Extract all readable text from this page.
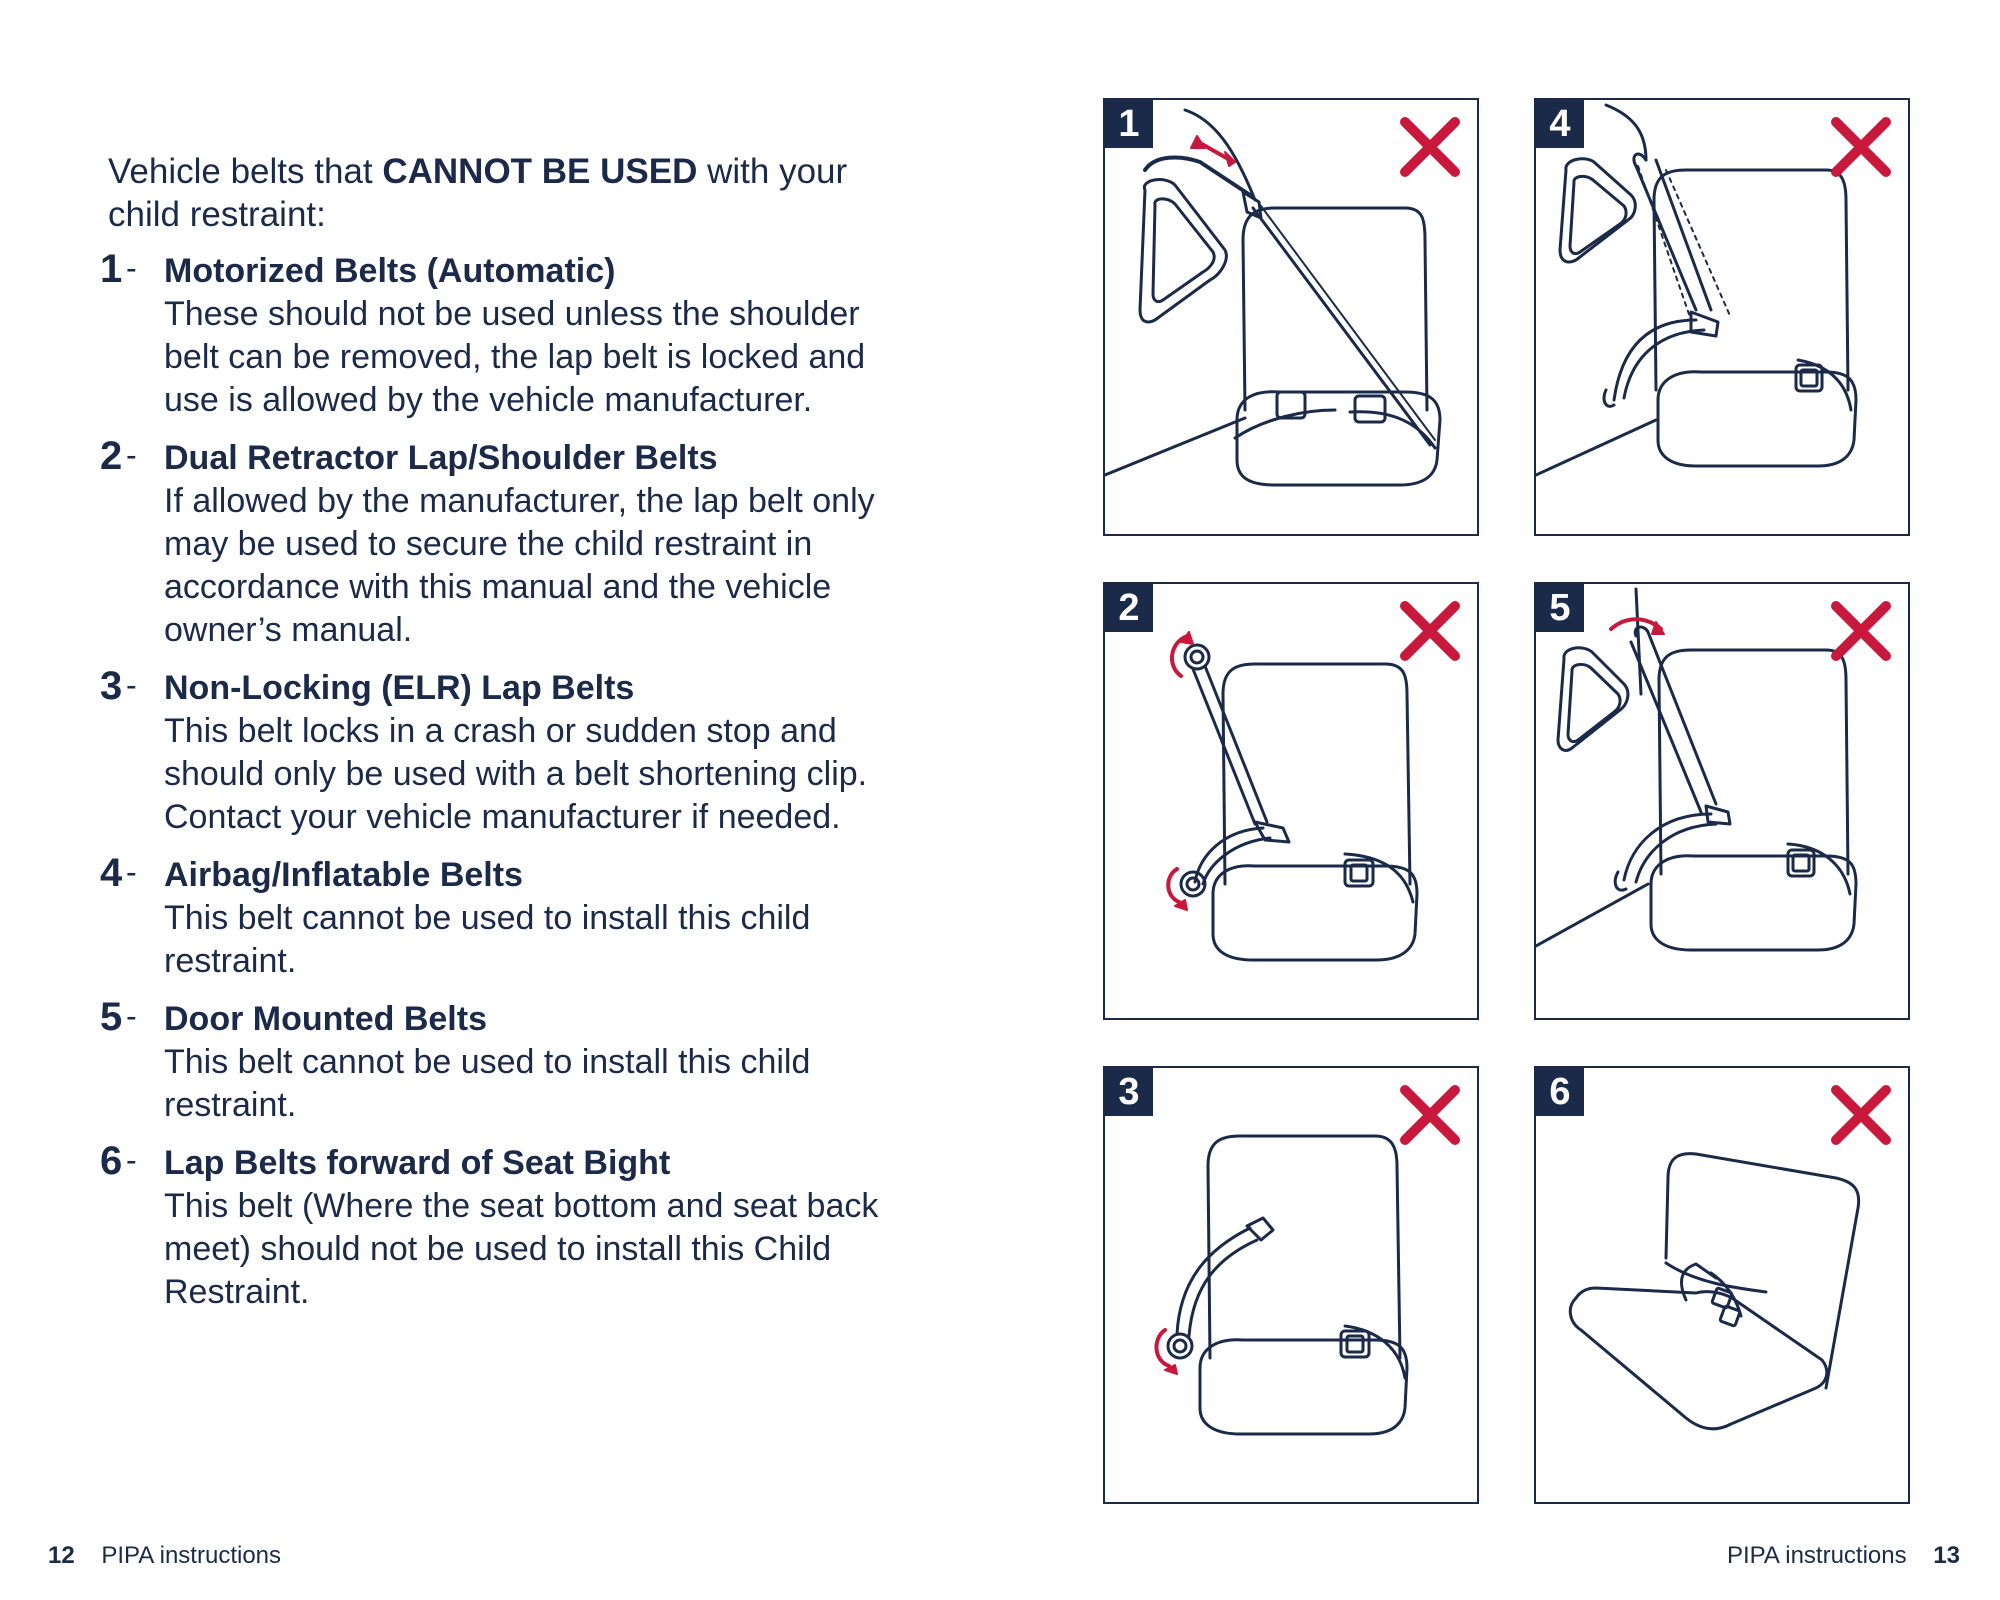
Vehicle belts that CANNOT BE USED with your child restraint:
1 - Motorized Belts (Automatic)
These should not be used unless the shoulder belt can be removed, the lap belt is locked and use is allowed by the vehicle manufacturer.
2 - Dual Retractor Lap/Shoulder Belts
If allowed by the manufacturer, the lap belt only may be used to secure the child restraint in accordance with this manual and the vehicle owner’s manual.
3 - Non-Locking (ELR) Lap Belts
This belt locks in a crash or sudden stop and should only be used with a belt shortening clip. Contact your vehicle manufacturer if needed.
4 - Airbag/Inflatable Belts
This belt cannot be used to install this child restraint.
5 - Door Mounted Belts
This belt cannot be used to install this child restraint.
6 - Lap Belts forward of Seat Bight
This belt (Where the seat bottom and seat back meet) should not be used to install this Child Restraint.
1	4
2	5
3	6
12 PIPA instructions	PIPA instructions 13
